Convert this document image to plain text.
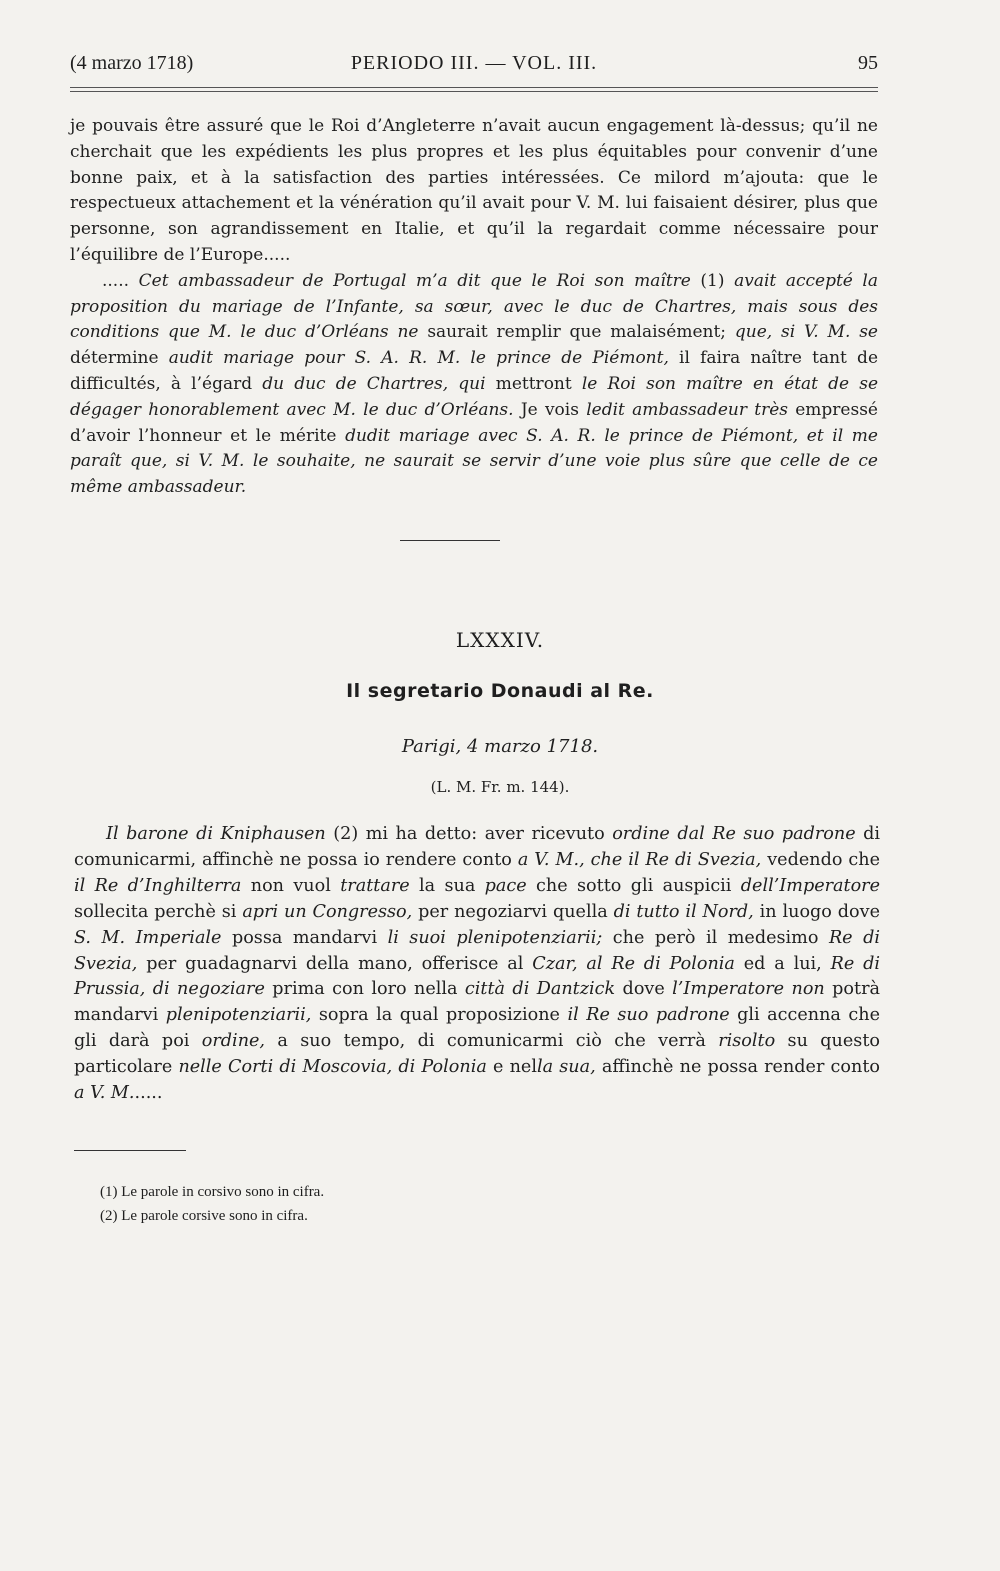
(4 marzo 1718)	PERIODO III. — VOL. III.	95

je pouvais être assuré que le Roi d’Angleterre n’avait aucun engagement là-dessus; qu’il ne cherchait que les expédients les plus propres et les plus équitables pour convenir d’une bonne paix, et à la satisfaction des parties intéressées. Ce milord m’ajouta: que le respectueux attachement et la vénération qu’il avait pour V. M. lui faisaient désirer, plus que personne, son agrandissement en Italie, et qu’il la regardait comme nécessaire pour l’équilibre de l’Europe.....

..... Cet ambassadeur de Portugal m’a dit que le Roi son maître (1) avait accepté la proposition du mariage de l’Infante, sa sœur, avec le duc de Chartres, mais sous des conditions que M. le duc d’Orléans ne saurait remplir que malaisément; que, si V. M. se détermine audit mariage pour S. A. R. M. le prince de Piémont, il faira naître tant de difficultés, à l’égard du duc de Chartres, qui mettront le Roi son maître en état de se dégager honorablement avec M. le duc d’Orléans. Je vois ledit ambassadeur très empressé d’avoir l’honneur et le mérite dudit mariage avec S. A. R. le prince de Piémont, et il me paraît que, si V. M. le souhaite, ne saurait se servir d’une voie plus sûre que celle de ce même ambassadeur.

LXXXIV.
Il segretario Donaudi al Re.
Parigi, 4 marzo 1718.
(L. M. Fr. m. 144).

Il barone di Kniphausen (2) mi ha detto: aver ricevuto ordine dal Re suo padrone di comunicarmi, affinchè ne possa io rendere conto a V. M., che il Re di Svezia, vedendo che il Re d’Inghilterra non vuol trattare la sua pace che sotto gli auspicii dell’Imperatore sollecita perchè si apri un Congresso, per negoziarvi quella di tutto il Nord, in luogo dove S. M. Imperiale possa mandarvi li suoi plenipotenziarii; che però il medesimo Re di Svezia, per guadagnarvi della mano, offerisce al Czar, al Re di Polonia ed a lui, Re di Prussia, di negoziare prima con loro nella città di Dantzick dove l’Imperatore non potrà mandarvi plenipotenziarii, sopra la qual proposizione il Re suo padrone gli accenna che gli darà poi ordine, a suo tempo, di comunicarmi ciò che verrà risolto su questo particolare nelle Corti di Moscovia, di Polonia e nella sua, affinchè ne possa render conto a V. M......

(1) Le parole in corsivo sono in cifra.
(2) Le parole corsive sono in cifra.
